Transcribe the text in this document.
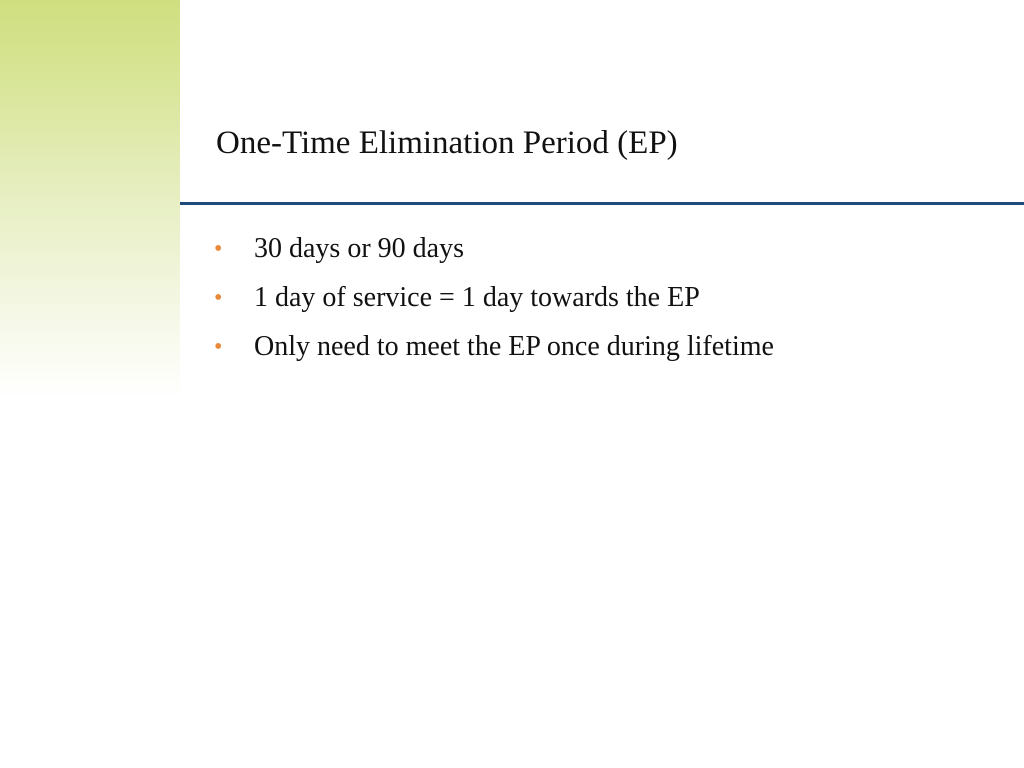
One-Time Elimination Period (EP)
• 30 days or 90 days
• 1 day of service = 1 day towards the EP
• Only need to meet the EP once during lifetime
